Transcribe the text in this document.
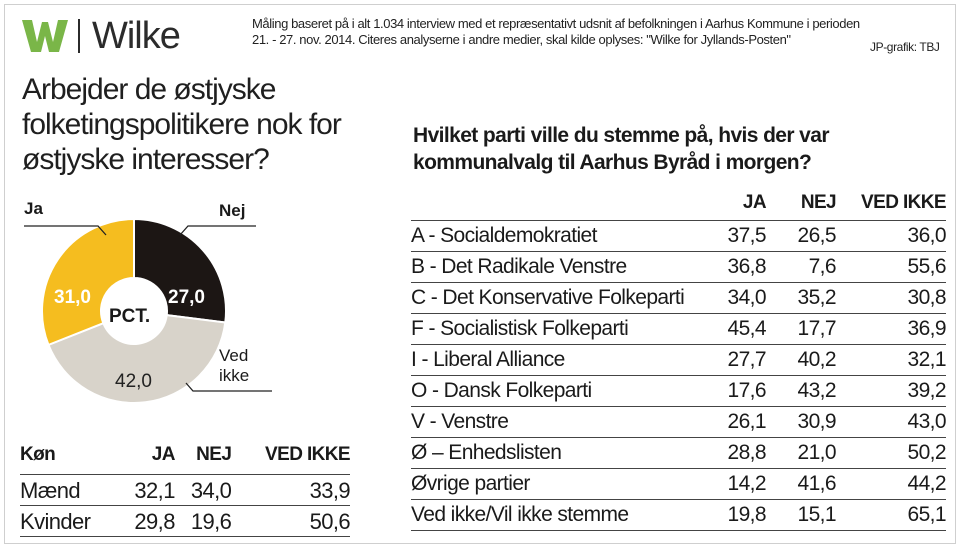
Wilke	Måling baseret på i alt 1.034 interview med et repræsentativt udsnit af befolkningen i Aarhus Kommune i perioden 21. - 27. nov. 2014. Citeres analyserne i andre medier, skal kilde oplyses: "Wilke for Jyllands-Posten"	JP-grafik: TBJ
Arbejder de østjyske folketingspolitikere nok for østjyske interesser?
Ja	Nej
Ved
ikke
31,0	27,0
42,0
PCT.
Køn	JA	NEJ	VED IKKE
Mænd	32,1	34,0	33,9
Kvinder	29,8	19,6	50,6
Hvilket parti ville du stemme på, hvis der var kommunalvalg til Aarhus Byråd i morgen?
	JA	NEJ	VED IKKE
A - Socialdemokratiet	37,5	26,5	36,0
B - Det Radikale Venstre	36,8	7,6	55,6
C - Det Konservative Folkeparti	34,0	35,2	30,8
F - Socialistisk Folkeparti	45,4	17,7	36,9
I - Liberal Alliance	27,7	40,2	32,1
O - Dansk Folkeparti	17,6	43,2	39,2
V - Venstre	26,1	30,9	43,0
Ø – Enhedslisten	28,8	21,0	50,2
Øvrige partier	14,2	41,6	44,2
Ved ikke/Vil ikke stemme	19,8	15,1	65,1
